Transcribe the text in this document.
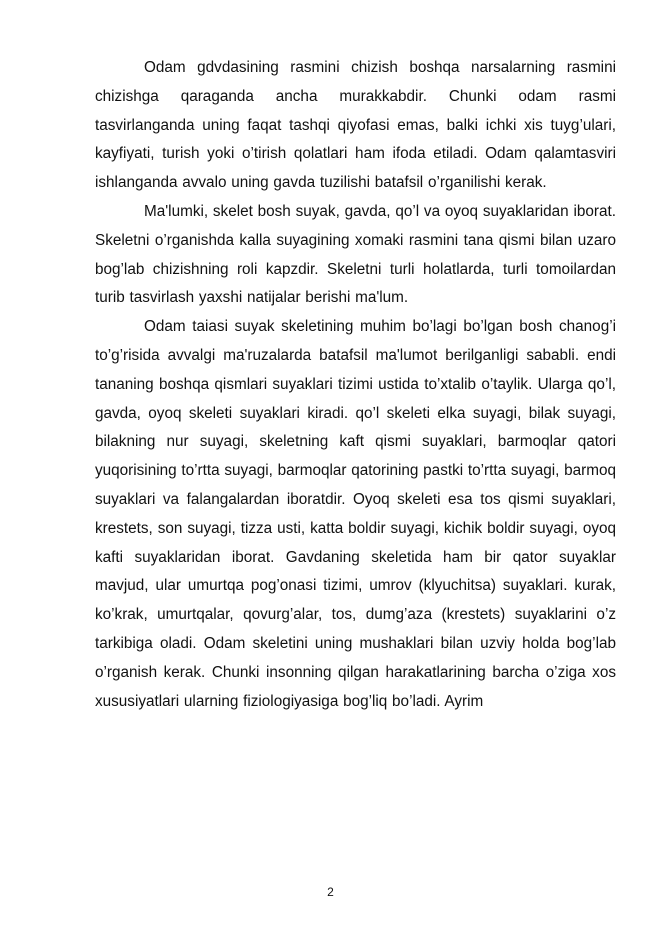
Odam gdvdasining rasmini chizish boshqa narsalarning rasmini chizishga qaraganda ancha murakkabdir. Chunki odam rasmi tasvirlanganda uning faqat tashqi qiyofasi emas, balki ichki xis tuyg’ulari, kayfiyati, turish yoki o’tirish qolatlari ham ifoda etiladi. Odam qalamtasviri ishlanganda avvalo uning gavda tuzilishi batafsil o’rganilishi kerak.

Ma'lumki, skelet bosh suyak, gavda, qo’l va oyoq suyaklaridan iborat. Skeletni o’rganishda kalla suyagining xomaki rasmini tana qismi bilan uzaro bog’lab chizishning roli kapzdir. Skeletni turli holatlarda, turli tomoilardan turib tasvirlash yaxshi natijalar berishi ma'lum.

Odam taiasi suyak skeletining muhim bo’lagi bo’lgan bosh chanog’i to’g’risida avvalgi ma'ruzalarda batafsil ma'lumot berilganligi sababli. endi tananing boshqa qismlari suyaklari tizimi ustida to’xtalib o’taylik. Ularga qo’l, gavda, oyoq skeleti suyaklari kiradi. qo’l skeleti elka suyagi, bilak suyagi, bilakning nur suyagi, skeletning kaft qismi suyaklari, barmoqlar qatori yuqorisining to’rtta suyagi, barmoqlar qatorining pastki to’rtta suyagi, barmoq suyaklari va falangalardan iboratdir. Oyoq skeleti esa tos qismi suyaklari, krestets, son suyagi, tizza usti, katta boldir suyagi, kichik boldir suyagi, oyoq kafti suyaklaridan iborat. Gavdaning skeletida ham bir qator suyaklar mavjud, ular umurtqa pog’onasi tizimi, umrov (klyuchitsa) suyaklari. kurak, ko’krak, umurtqalar, qovurg’alar, tos, dumg’aza (krestets) suyaklarini o’z tarkibiga oladi. Odam skeletini uning mushaklari bilan uzviy holda bog’lab o’rganish kerak. Chunki insonning qilgan harakatlarining barcha o’ziga xos xususiyatlari ularning fiziologiyasiga bog’liq bo’ladi. Ayrim

2
